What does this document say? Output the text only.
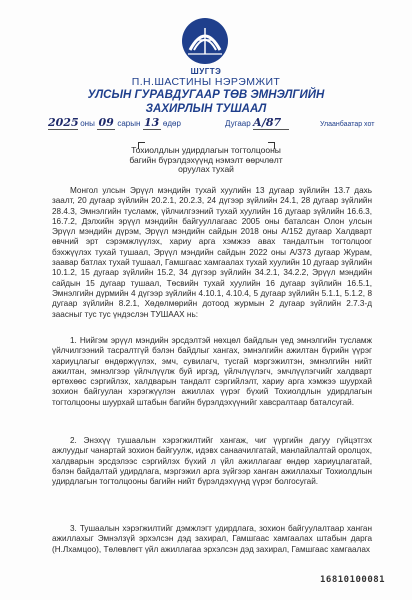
ШУГТЭ
П.Н.ШАСТИНЫ НЭРЭМЖИТ
УЛСЫН ГУРАВДУГААР ТӨВ ЭМНЭЛГИЙН
ЗАХИРЛЫН ТУШААЛ
2025 оны 09 сарын 13 өдөр	Дугаар А/87	Улаанбаатар хот
Тохиолдлын удирдлагын тогтолцооны
багийн бүрэлдэхүүнд нэмэлт өөрчлөлт
оруулах тухай
Монгол улсын Эрүүл мэндийн тухай хуулийн 13 дугаар зүйлийн 13.7 дахь заалт, 20 дугаар зүйлийн 20.2.1, 20.2.3, 24 дүгээр зүйлийн 24.1, 28 дугаар зүйлийн 28.4.3, Эмнэлгийн тусламж, үйлчилгээний тухай хуулийн 16 дугаар зүйлийн 16.6.3, 16.7.2, Дэлхийн эрүүл мэндийн байгууллагаас 2005 оны баталсан Олон улсын Эрүүл мэндийн дүрэм, Эрүүл мэндийн сайдын 2018 оны А/152 дугаар Халдварт өвчний эрт сэрэмжлүүлэх, хариу арга хэмжээ авах тандалтын тогтолцоог бэхжүүлэх тухай тушаал, Эрүүл мэндийн сайдын 2022 оны А/373 дугаар Журам, заавар батлах тухай тушаал, Гамшгаас хамгаалах тухай хуулийн 10 дугаар зүйлийн 10.1.2, 15 дугаар зүйлийн 15.2, 34 дүгээр зүйлийн 34.2.1, 34.2.2, Эрүүл мэндийн сайдын 15 дугаар тушаал, Төсвийн тухай хуулийн 16 дугаар зүйлийн 16.5.1, Эмнэлгийн дүрмийн 4 дүгээр зүйлийн 4.10.1, 4.10.4, 5 дугаар зүйлийн 5.1.1, 5.1.2, 8 дугаар зүйлийн 8.2.1, Хөдөлмөрийн дотоод журмын 2 дугаар зүйлийн 2.7.3-д заасныг тус тус үндэслэн ТУШААХ нь:

1. Нийгэм эрүүл мэндийн эрсдэлтэй нөхцөл байдлын үед эмнэлгийн тусламж үйлчилгээний тасралтгүй бэлэн байдлыг хангах, эмнэлгийн ажилтан бүрийн үүрэг хариуцлагыг өндөржүүлэх, эмч, сувилагч, тусгай мэргэжилтэн, эмнэлгийн нийт ажилтан, эмнэлгээр үйлчлүүлж буй иргэд, үйлчлүүлэгч, эмчлүүлэгчийг халдварт өртөхөөс сэргийлэх, халдварын тандалт сэргийлэлт, хариу арга хэмжээ шуурхай зохион байгуулан хэрэгжүүлэн ажиллах үүрэг бүхий Тохиолдлын удирдлагын тогтолцооны шуурхай штабын багийн бүрэлдэхүүнийг хавсралтаар баталсугай.

2. Энэхүү тушаалын хэрэгжилтийг хангаж, чиг үүргийн дагуу гүйцэтгэх ажлуудыг чанартай зохион байгуулж, идэвх санаачилгатай, манлайлалтай оролцох, халдварын эрсдэлээс сэргийлэх бүхий л үйл ажиллагааг өндөр хариуцлагатай, бэлэн байдалтай удирдлага, мэргэжил арга зүйгээр ханган ажиллахыг Тохиолдлын удирдлагын тогтолцооны багийн нийт бүрэлдэхүүнд үүрэг болгосугай.

3. Тушаалын хэрэгжилтийг дэмжлэгт удирдлага, зохион байгуулалтаар ханган ажиллахыг Эмнэлзүй эрхэлсэн дэд захирал, Гамшгаас хамгаалах штабын дарга (Н.Лхамцоо), Төлөвлөгт үйл ажиллагаа эрхэлсэн дэд захирал, Гамшгаас хамгаалах

16810100081
